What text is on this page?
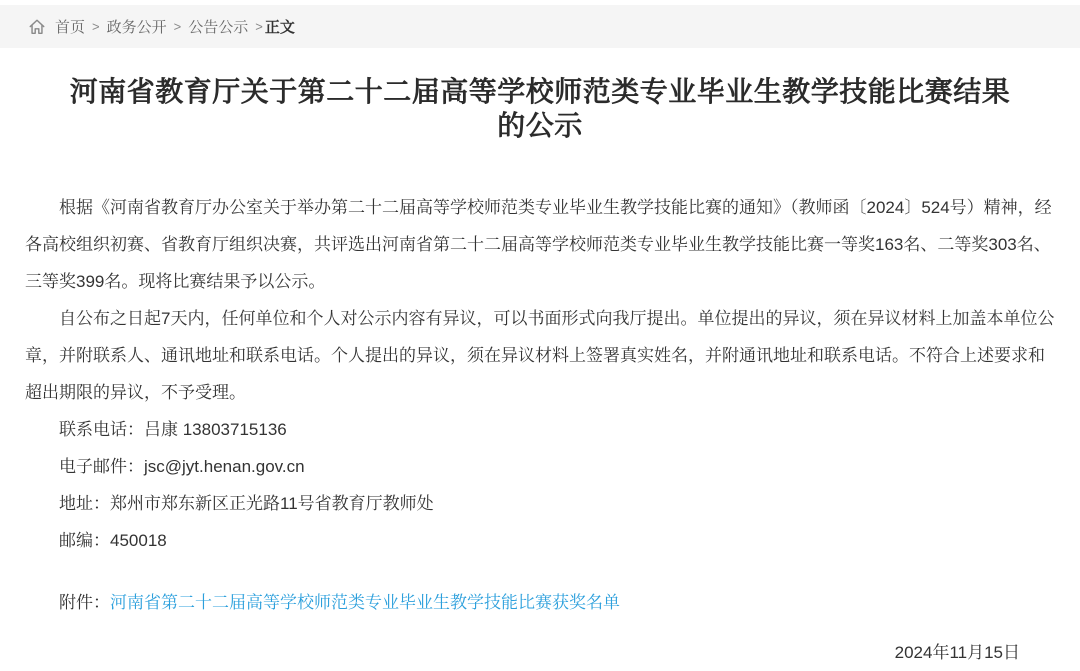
首页 > 政务公开 > 公告公示 > 正文
河南省教育厅关于第二十二届高等学校师范类专业毕业生教学技能比赛结果的公示

根据《河南省教育厅办公室关于举办第二十二届高等学校师范类专业毕业生教学技能比赛的通知》（教师函〔2024〕524号）精神，经各高校组织初赛、省教育厅组织决赛，共评选出河南省第二十二届高等学校师范类专业毕业生教学技能比赛一等奖163名、二等奖303名、三等奖399名。现将比赛结果予以公示。

自公布之日起7天内，任何单位和个人对公示内容有异议，可以书面形式向我厅提出。单位提出的异议，须在异议材料上加盖本单位公章，并附联系人、通讯地址和联系电话。个人提出的异议，须在异议材料上签署真实姓名，并附通讯地址和联系电话。不符合上述要求和超出期限的异议，不予受理。

联系电话：吕康 13803715136

电子邮件：jsc@jyt.henan.gov.cn

地址：郑州市郑东新区正光路11号省教育厅教师处

邮编：450018

附件：河南省第二十二届高等学校师范类专业毕业生教学技能比赛获奖名单

2024年11月15日
